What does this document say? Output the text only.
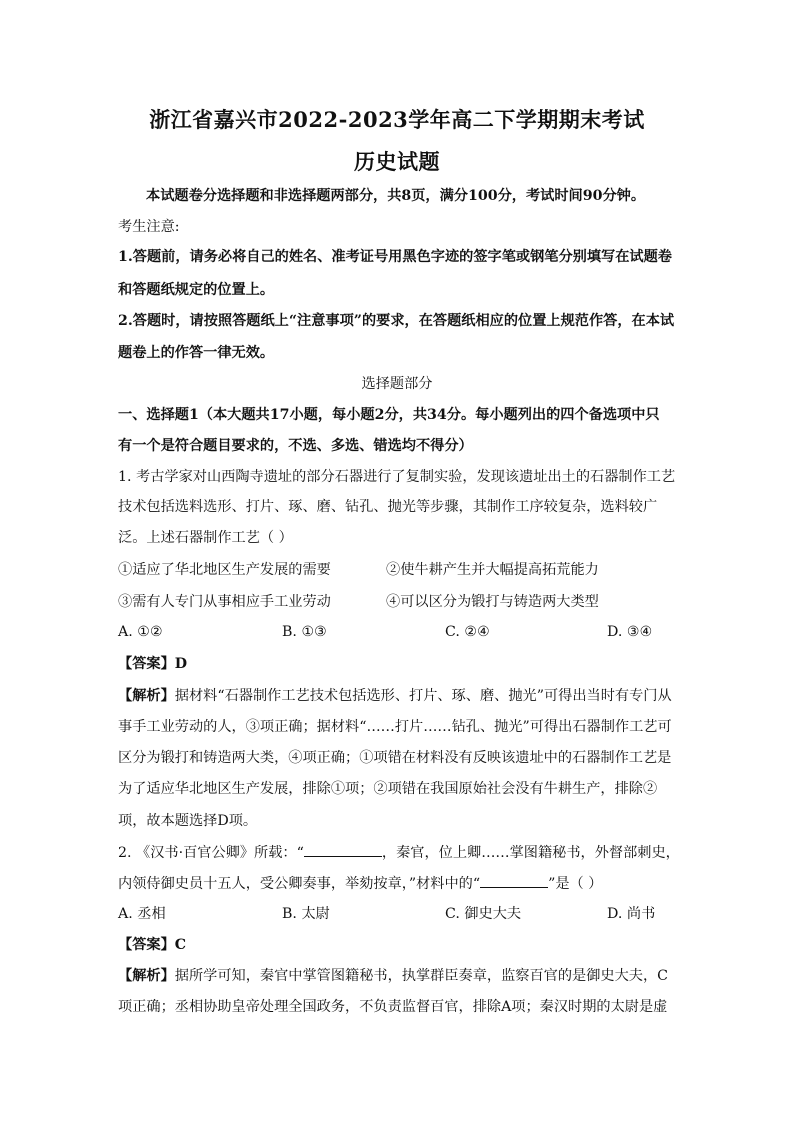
浙江省嘉兴市2022-2023学年高二下学期期末考试
历史试题
本试题卷分选择题和非选择题两部分，共8页，满分100分，考试时间90分钟。
考生注意:
1.答题前，请务必将自己的姓名、准考证号用黑色字迹的签字笔或钢笔分别填写在试题卷
和答题纸规定的位置上。
2.答题时，请按照答题纸上“注意事项”的要求，在答题纸相应的位置上规范作答，在本试
题卷上的作答一律无效。
选择题部分
一、选择题1（本大题共17小题，每小题2分，共34分。每小题列出的四个备选项中只
有一个是符合题目要求的，不选、多选、错选均不得分）
1. 考古学家对山西陶寺遗址的部分石器进行了复制实验，发现该遗址出土的石器制作工艺
技术包括选料选形、打片、琢、磨、钻孔、抛光等步骤，其制作工序较复杂，选料较广
泛。上述石器制作工艺（ ）
①适应了华北地区生产发展的需要	②使牛耕产生并大幅提高拓荒能力
③需有人专门从事相应手工业劳动	④可以区分为锻打与铸造两大类型
A. ①②	B. ①③	C. ②④	D. ③④
【答案】D
【解析】据材料“石器制作工艺技术包括选形、打片、琢、磨、抛光”可得出当时有专门从
事手工业劳动的人，③项正确；据材料“……打片……钻孔、抛光”可得出石器制作工艺可
区分为锻打和铸造两大类，④项正确；①项错在材料没有反映该遗址中的石器制作工艺是
为了适应华北地区生产发展，排除①项；②项错在我国原始社会没有牛耕生产，排除②
项，故本题选择D项。
2. 《汉书·百官公卿》所载：“	，秦官，位上卿……掌图籍秘书，外督部刺史，
内领侍御史员十五人，受公卿奏事，举劾按章，”材料中的“	”是（ ）
A. 丞相	B. 太尉	C. 御史大夫	D. 尚书
【答案】C
【解析】据所学可知，秦官中掌管图籍秘书，执掌群臣奏章，监察百官的是御史大夫，C
项正确；丞相协助皇帝处理全国政务，不负责监督百官，排除A项；秦汉时期的太尉是虚
